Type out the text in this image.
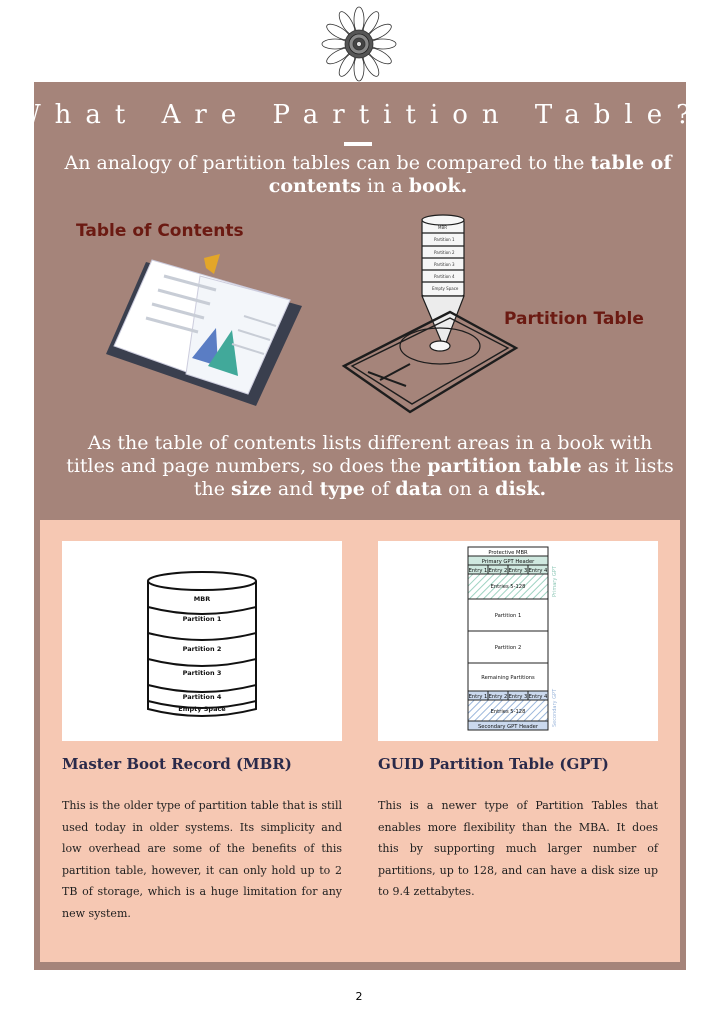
What Are Partition Table?
An analogy of partition tables can be compared to the table of contents in a book.
Table of Contents
Partition Table
MBR
Partition 1
Partition 2
Partition 3
Partition 4
Empty Space
As the table of contents lists different areas in a book with titles and page numbers, so does the partition table as it lists the size and type of data on a disk.
MBR
Partition 1
Partition 2
Partition 3
Partition 4
Empty Space
Protective MBR
Primary GPT Header
Entry 1 Entry 2 Entry 3 Entry 4
Entries 5-128
Partition 1
Partition 2
Remaining Partitions
Entry 1 Entry 2 Entry 3 Entry 4
Entries 5-128
Secondary GPT Header
Primary GPT
Secondary GPT
Master Boot Record (MBR)	GUID Partition Table (GPT)
This is the older type of partition table that is still used today in older systems. Its simplicity and low overhead are some of the benefits of this partition table, however, it can only hold up to 2 TB of storage, which is a huge limitation for any new system.
This is a newer type of Partition Tables that enables more flexibility than the MBA. It does this by supporting much larger number of partitions, up to 128, and can have a disk size up to 9.4 zettabytes.
2
